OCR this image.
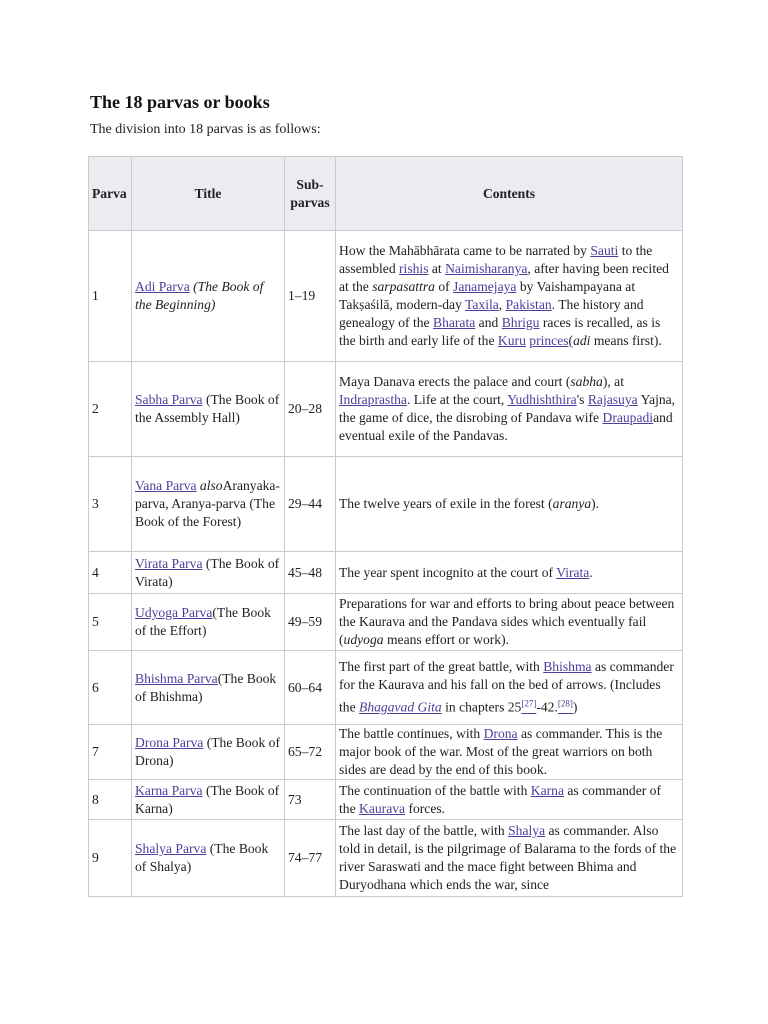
The 18 parvas or books

The division into 18 parvas is as follows:

Parva	Title	Sub-parvas	Contents
1	Adi Parva (The Book of the Beginning)	1–19	How the Mahābhārata came to be narrated by Sauti to the assembled rishis at Naimisharanya, after having been recited at the sarpasattra of Janamejaya by Vaishampayana at Takṣaśilā, modern-day Taxila, Pakistan. The history and genealogy of the Bharata and Bhrigu races is recalled, as is the birth and early life of the Kuru princes(adi means first).
2	Sabha Parva (The Book of the Assembly Hall)	20–28	Maya Danava erects the palace and court (sabha), at Indraprastha. Life at the court, Yudhishthira's Rajasuya Yajna, the game of dice, the disrobing of Pandava wife Draupadiand eventual exile of the Pandavas.
3	Vana Parva alsoAranyaka-parva, Aranya-parva (The Book of the Forest)	29–44	The twelve years of exile in the forest (aranya).
4	Virata Parva (The Book of Virata)	45–48	The year spent incognito at the court of Virata.
5	Udyoga Parva(The Book of the Effort)	49–59	Preparations for war and efforts to bring about peace between the Kaurava and the Pandava sides which eventually fail (udyoga means effort or work).
6	Bhishma Parva(The Book of Bhishma)	60–64	The first part of the great battle, with Bhishma as commander for the Kaurava and his fall on the bed of arrows. (Includes the Bhagavad Gita in chapters 25[27]-42.[28])
7	Drona Parva (The Book of Drona)	65–72	The battle continues, with Drona as commander. This is the major book of the war. Most of the great warriors on both sides are dead by the end of this book.
8	Karna Parva (The Book of Karna)	73	The continuation of the battle with Karna as commander of the Kaurava forces.
9	Shalya Parva (The Book of Shalya)	74–77	The last day of the battle, with Shalya as commander. Also told in detail, is the pilgrimage of Balarama to the fords of the river Saraswati and the mace fight between Bhima and Duryodhana which ends the war, since
